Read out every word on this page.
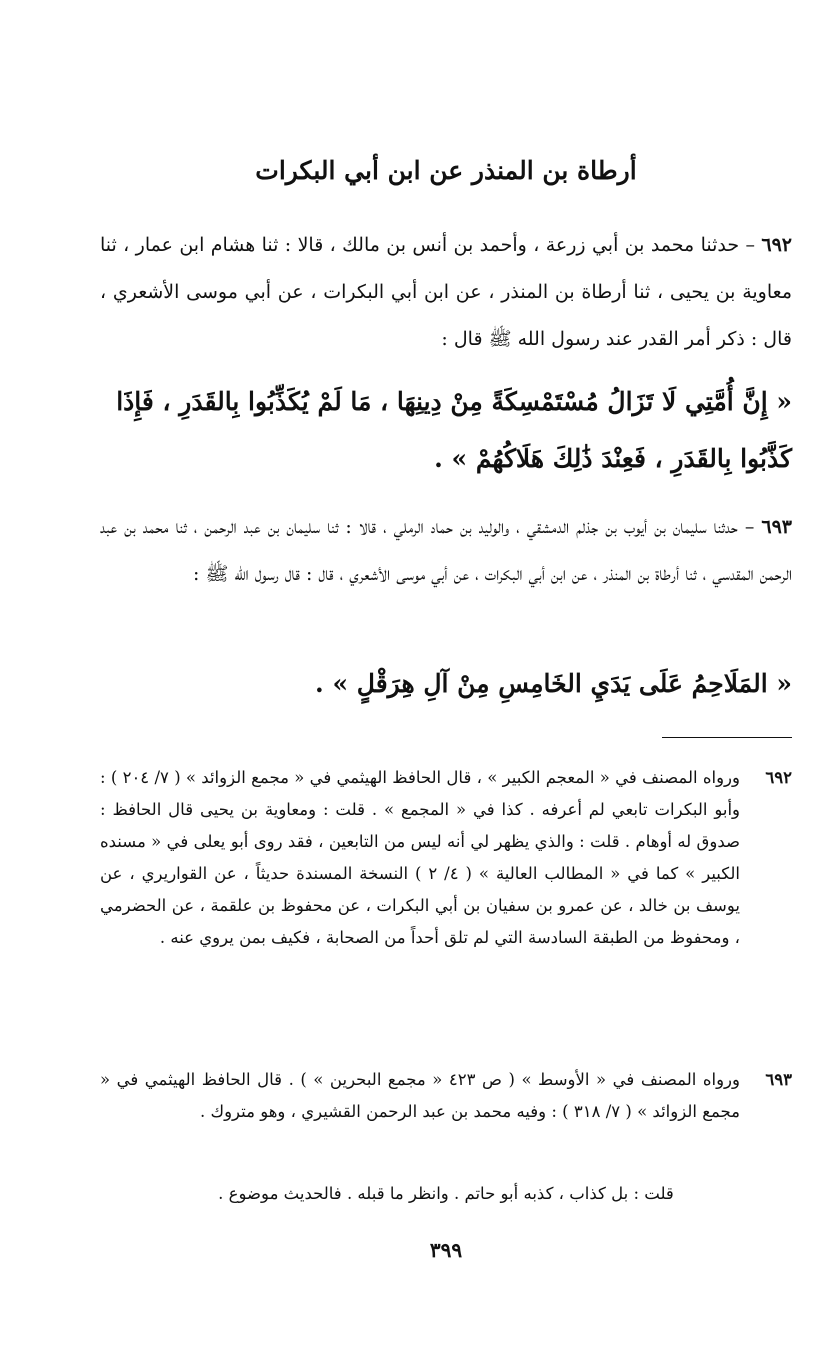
أرطاة بن المنذر عن ابن أبي البكرات
٦٩٢ – حدثنا محمد بن أبي زرعة ، وأحمد بن أنس بن مالك ، قالا : ثنا هشام ابن عمار ، ثنا معاوية بن يحيى ، ثنا أرطاة بن المنذر ، عن ابن أبي البكرات ، عن أبي موسى الأشعري ، قال : ذكر أمر القدر عند رسول الله ﷺ قال :
« إِنَّ أُمَّتِي لَا تَزَالُ مُسْتَمْسِكَةً مِنْ دِينِهَا ، مَا لَمْ يُكَذِّبُوا بِالقَدَرِ ، فَإِذَا كَذَّبُوا بِالقَدَرِ ، فَعِنْدَ ذَٰلِكَ هَلَاكُهُمْ » .
٦٩٣ – حدثنا سليمان بن أيوب بن جذلم الدمشقي ، والوليد بن حماد الرملي ، قالا : ثنا سليمان بن عبد الرحمن ، ثنا محمد بن عبد الرحمن المقدسي ، ثنا أرطاة بن المنذر ، عن ابن أبي البكرات ، عن أبي موسى الأشعري ، قال : قال رسول الله ﷺ :
« المَلَاحِمُ عَلَى يَدَيِ الخَامِسِ مِنْ آلِ هِرَقْلٍ » .
٦٩٢
ورواه المصنف في « المعجم الكبير » ، قال الحافظ الهيثمي في « مجمع الزوائد » ( ٧/ ٢٠٤ ) : وأبو البكرات تابعي لم أعرفه . كذا في « المجمع » . قلت : ومعاوية بن يحيى قال الحافظ : صدوق له أوهام . قلت : والذي يظهر لي أنه ليس من التابعين ، فقد روى أبو يعلى في « مسنده الكبير » كما في « المطالب العالية » ( ٤/ ٢ ) النسخة المسندة حديثاً ، عن القواريري ، عن يوسف بن خالد ، عن عمرو بن سفيان بن أبي البكرات ، عن محفوظ بن علقمة ، عن الحضرمي ، ومحفوظ من الطبقة السادسة التي لم تلق أحداً من الصحابة ، فكيف بمن يروي عنه .
٦٩٣
ورواه المصنف في « الأوسط » ( ص ٤٢٣ « مجمع البحرين » ) . قال الحافظ الهيثمي في « مجمع الزوائد » ( ٧/ ٣١٨ ) : وفيه محمد بن عبد الرحمن القشيري ، وهو متروك .
قلت : بل كذاب ، كذبه أبو حاتم . وانظر ما قبله . فالحديث موضوع .
٣٩٩
